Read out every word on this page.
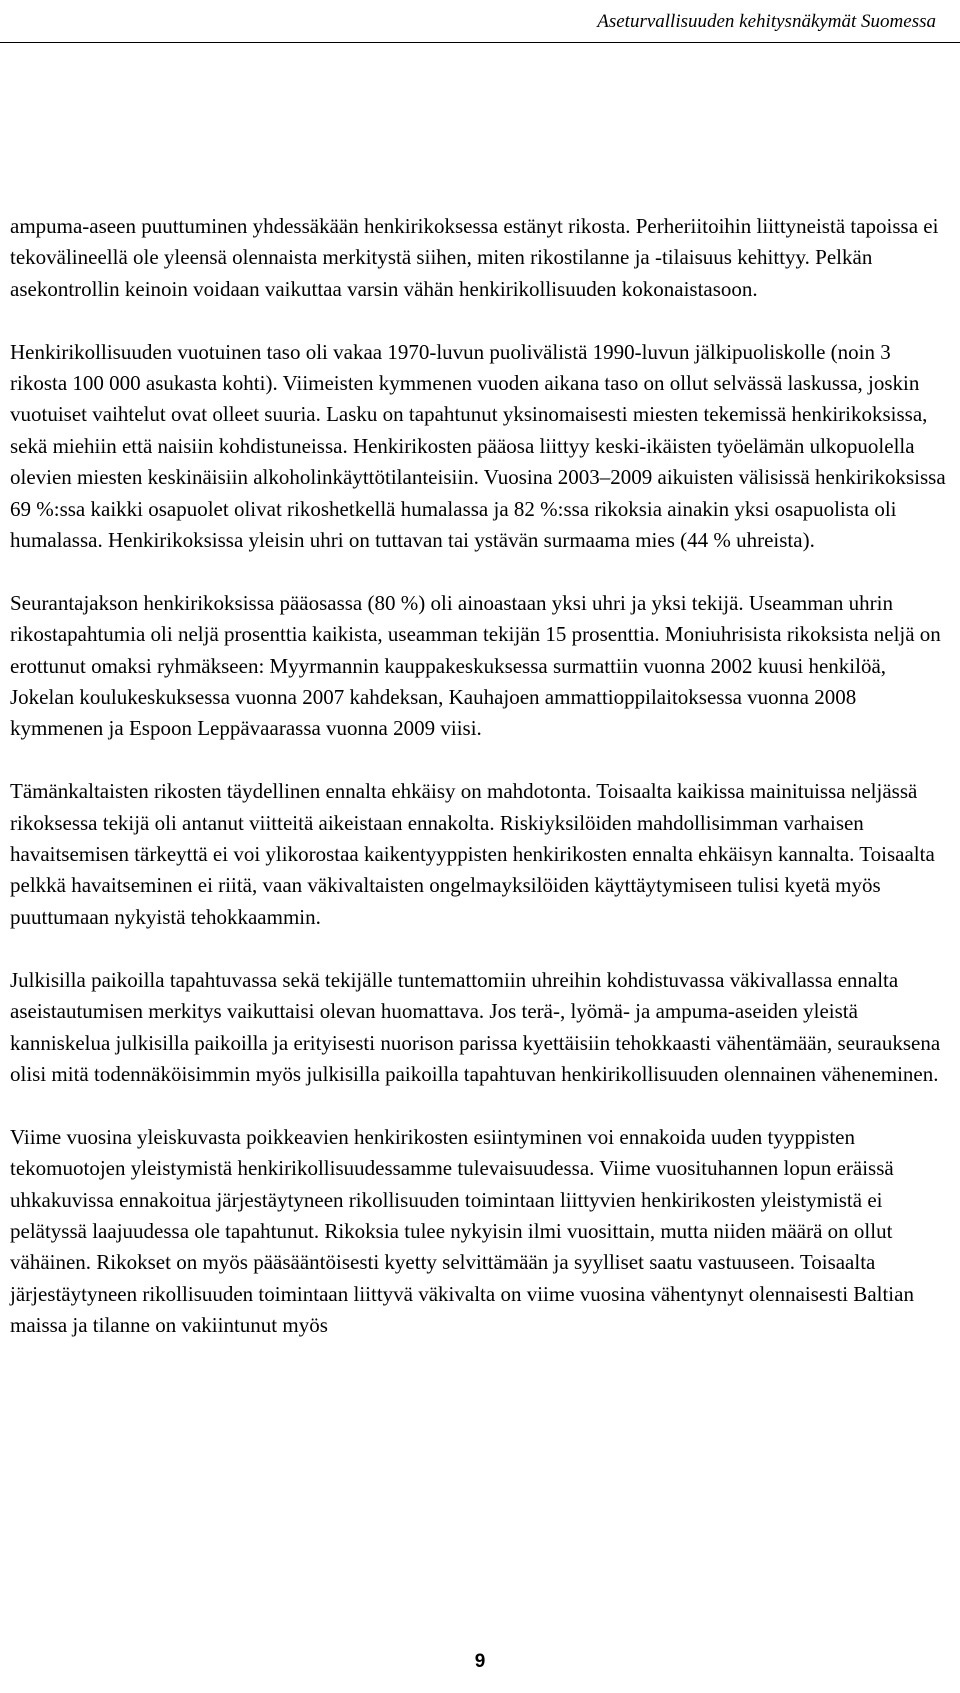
Aseturvallisuuden kehitysnäkymät Suomessa

ampuma-aseen puuttuminen yhdessäkään henkirikoksessa estänyt rikosta. Perheriitoihin liittyneistä tapoissa ei tekovälineellä ole yleensä olennaista merkitystä siihen, miten rikostilanne ja -tilaisuus kehittyy. Pelkän asekontrollin keinoin voidaan vaikuttaa varsin vähän henkirikollisuuden kokonaistasoon.

Henkirikollisuuden vuotuinen taso oli vakaa 1970-luvun puolivälistä 1990-luvun jälkipuoliskolle (noin 3 rikosta 100 000 asukasta kohti). Viimeisten kymmenen vuoden aikana taso on ollut selvässä laskussa, joskin vuotuiset vaihtelut ovat olleet suuria. Lasku on tapahtunut yksinomaisesti miesten tekemissä henkirikoksissa, sekä miehiin että naisiin kohdistuneissa. Henkirikosten pääosa liittyy keski-ikäisten työelämän ulkopuolella olevien miesten keskinäisiin alkoholinkäyttötilanteisiin. Vuosina 2003–2009 aikuisten välisissä henkirikoksissa 69 %:ssa kaikki osapuolet olivat rikoshetkellä humalassa ja 82 %:ssa rikoksia ainakin yksi osapuolista oli humalassa. Henkirikoksissa yleisin uhri on tuttavan tai ystävän surmaama mies (44 % uhreista).

Seurantajakson henkirikoksissa pääosassa (80 %) oli ainoastaan yksi uhri ja yksi tekijä. Useamman uhrin rikostapahtumia oli neljä prosenttia kaikista, useamman tekijän 15 prosenttia. Moniuhrisista rikoksista neljä on erottunut omaksi ryhmäkseen: Myyrmannin kauppakeskuksessa surmattiin vuonna 2002 kuusi henkilöä, Jokelan koulukeskuksessa vuonna 2007 kahdeksan, Kauhajoen ammattioppilaitoksessa vuonna 2008 kymmenen ja Espoon Leppävaarassa vuonna 2009 viisi.

Tämänkaltaisten rikosten täydellinen ennalta ehkäisy on mahdotonta. Toisaalta kaikissa mainituissa neljässä rikoksessa tekijä oli antanut viitteitä aikeistaan ennakolta. Riskiyksilöiden mahdollisimman varhaisen havaitsemisen tärkeyttä ei voi ylikorostaa kaikentyyppisten henkirikosten ennalta ehkäisyn kannalta. Toisaalta pelkkä havaitseminen ei riitä, vaan väkivaltaisten ongelmayksilöiden käyttäytymiseen tulisi kyetä myös puuttumaan nykyistä tehokkaammin.

Julkisilla paikoilla tapahtuvassa sekä tekijälle tuntemattomiin uhreihin kohdistuvassa väkivallassa ennalta aseistautumisen merkitys vaikuttaisi olevan huomattava. Jos terä-, lyömä- ja ampuma-aseiden yleistä kanniskelua julkisilla paikoilla ja erityisesti nuorison parissa kyettäisiin tehokkaasti vähentämään, seurauksena olisi mitä todennäköisimmin myös julkisilla paikoilla tapahtuvan henkirikollisuuden olennainen väheneminen.

Viime vuosina yleiskuvasta poikkeavien henkirikosten esiintyminen voi ennakoida uuden tyyppisten tekomuotojen yleistymistä henkirikollisuudessamme tulevaisuudessa. Viime vuosituhannen lopun eräissä uhkakuvissa ennakoitua järjestäytyneen rikollisuuden toimintaan liittyvien henkirikosten yleistymistä ei pelätyssä laajuudessa ole tapahtunut. Rikoksia tulee nykyisin ilmi vuosittain, mutta niiden määrä on ollut vähäinen. Rikokset on myös pääsääntöisesti kyetty selvittämään ja syylliset saatu vastuuseen. Toisaalta järjestäytyneen rikollisuuden toimintaan liittyvä väkivalta on viime vuosina vähentynyt olennaisesti Baltian maissa ja tilanne on vakiintunut myös

9
